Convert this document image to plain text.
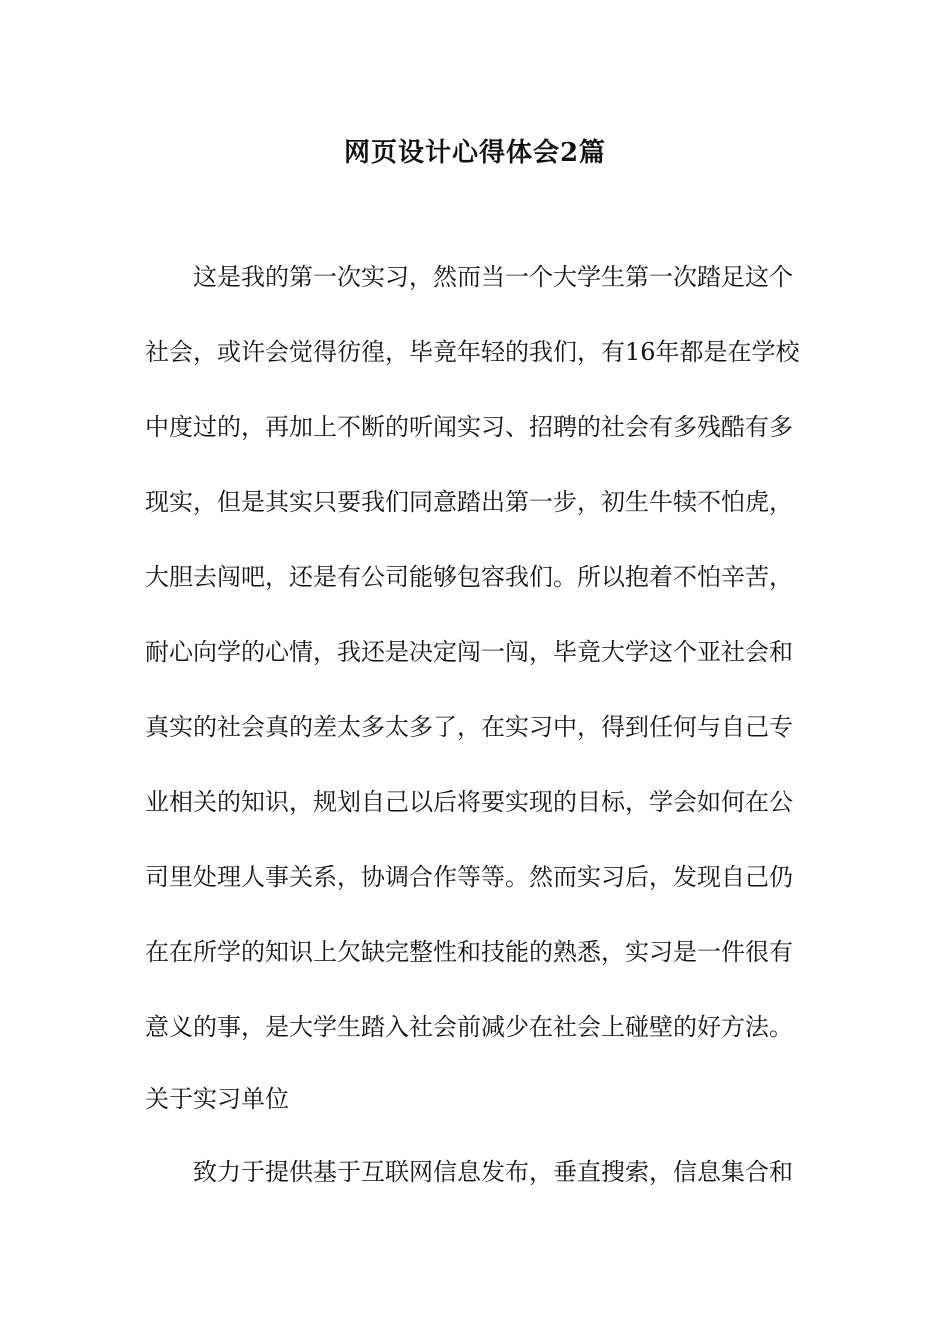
网页设计心得体会2篇

这是我的第一次实习，然而当一个大学生第一次踏足这个

社会，或许会觉得彷徨，毕竟年轻的我们，有16年都是在学校

中度过的，再加上不断的听闻实习、招聘的社会有多残酷有多

现实，但是其实只要我们同意踏出第一步，初生牛犊不怕虎，

大胆去闯吧，还是有公司能够包容我们。所以抱着不怕辛苦，

耐心向学的心情，我还是决定闯一闯，毕竟大学这个亚社会和

真实的社会真的差太多太多了，在实习中，得到任何与自己专

业相关的知识，规划自己以后将要实现的目标，学会如何在公

司里处理人事关系，协调合作等等。然而实习后，发现自己仍

在在所学的知识上欠缺完整性和技能的熟悉，实习是一件很有

意义的事，是大学生踏入社会前减少在社会上碰壁的好方法。

关于实习单位

致力于提供基于互联网信息发布，垂直搜索，信息集合和
